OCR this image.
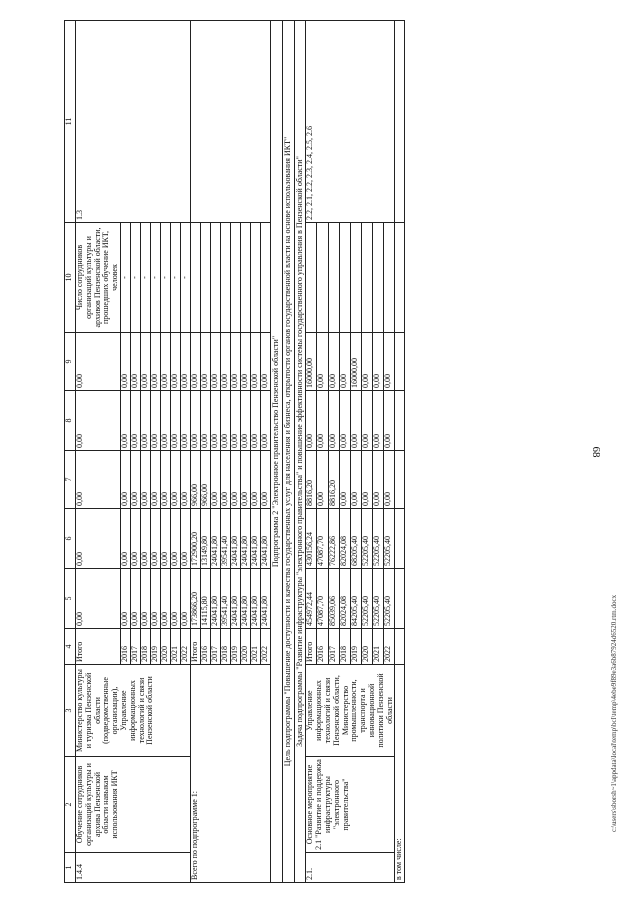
68
c:\users\sborsh~1\appdata\local\temp\bcl\temp\4ebe9f89e3a6b87924d6520.rtm.docx
1	2	3	4	5	6	7	8	9	10	11
1.4.4	Обучение сотрудников организаций культуры и архива Пензенской области навыкам использования ИКТ	Министерство культуры и туризма Пензенской области (подведомственные организации), Управление информационных технологий и связи Пензенской области	Итого	0,00	0,00	0,00	0,00	0,00	Число сотрудников организаций культуры и архивов Пензенской области, прошедших обучение ИКТ, человек	1.3
			2016	0,00	0,00	0,00	0,00	0,00	-	
			2017	0,00	0,00	0,00	0,00	0,00	-	
			2018	0,00	0,00	0,00	0,00	0,00	-	
			2019	0,00	0,00	0,00	0,00	0,00	-	
			2020	0,00	0,00	0,00	0,00	0,00	-	
			2021	0,00	0,00	0,00	0,00	0,00	-	
			2022	0,00	0,00	0,00	0,00	0,00	-	
Всего по подпрограмме 1:			Итого	173866,20	172900,20	966,00	0,00	0,00		
			2016	14115,80	13149,80	966,00	0,00	0,00		
			2017	24041,80	24041,80	0,00	0,00	0,00		
			2018	39541,40	39541,40	0,00	0,00	0,00		
			2019	24041,80	24041,80	0,00	0,00	0,00		
			2020	24041,80	24041,80	0,00	0,00	0,00		
			2021	24041,80	24041,80	0,00	0,00	0,00		
			2022	24041,80	24041,80	0,00	0,00	0,00		
Подпрограмма 2 "Электронное правительство Пензенской области"										
Цель подпрограммы "Повышение доступности и качества государственных услуг для населения и бизнеса, открытости органов государственной власти на основе использования ИКТ"										
Задача подпрограммы "Развитие инфраструктуры "электронного правительства" и повышение эффективности системы государственного управления в Пензенской области"										
2.1.	Основное мероприятие 2.1 "Развитие и поддержка инфраструктуры "электронного правительства"	Управление информационных технологий и связи Пензенской области, Министерство промышленности, транспорта и инновационной политики Пензенской области	Итого	454972,44	430156,24	8816,20	0,00	16000,00		2.2, 2.1, 2.2, 2.3, 2.4, 2.5, 2.6
			2016	47087,70	47087,70	0,00	0,00	0,00		
			2017	85039,06	76222,86	8816,20	0,00	0,00		
			2018	82024,08	82024,08	0,00	0,00	0,00		
			2019	84205,40	68205,40	0,00	0,00	16000,00		
			2020	52205,40	52205,40	0,00	0,00	0,00		
			2021	52205,40	52205,40	0,00	0,00	0,00		
			2022	52205,40	52205,40	0,00	0,00	0,00		
в том числе:										
